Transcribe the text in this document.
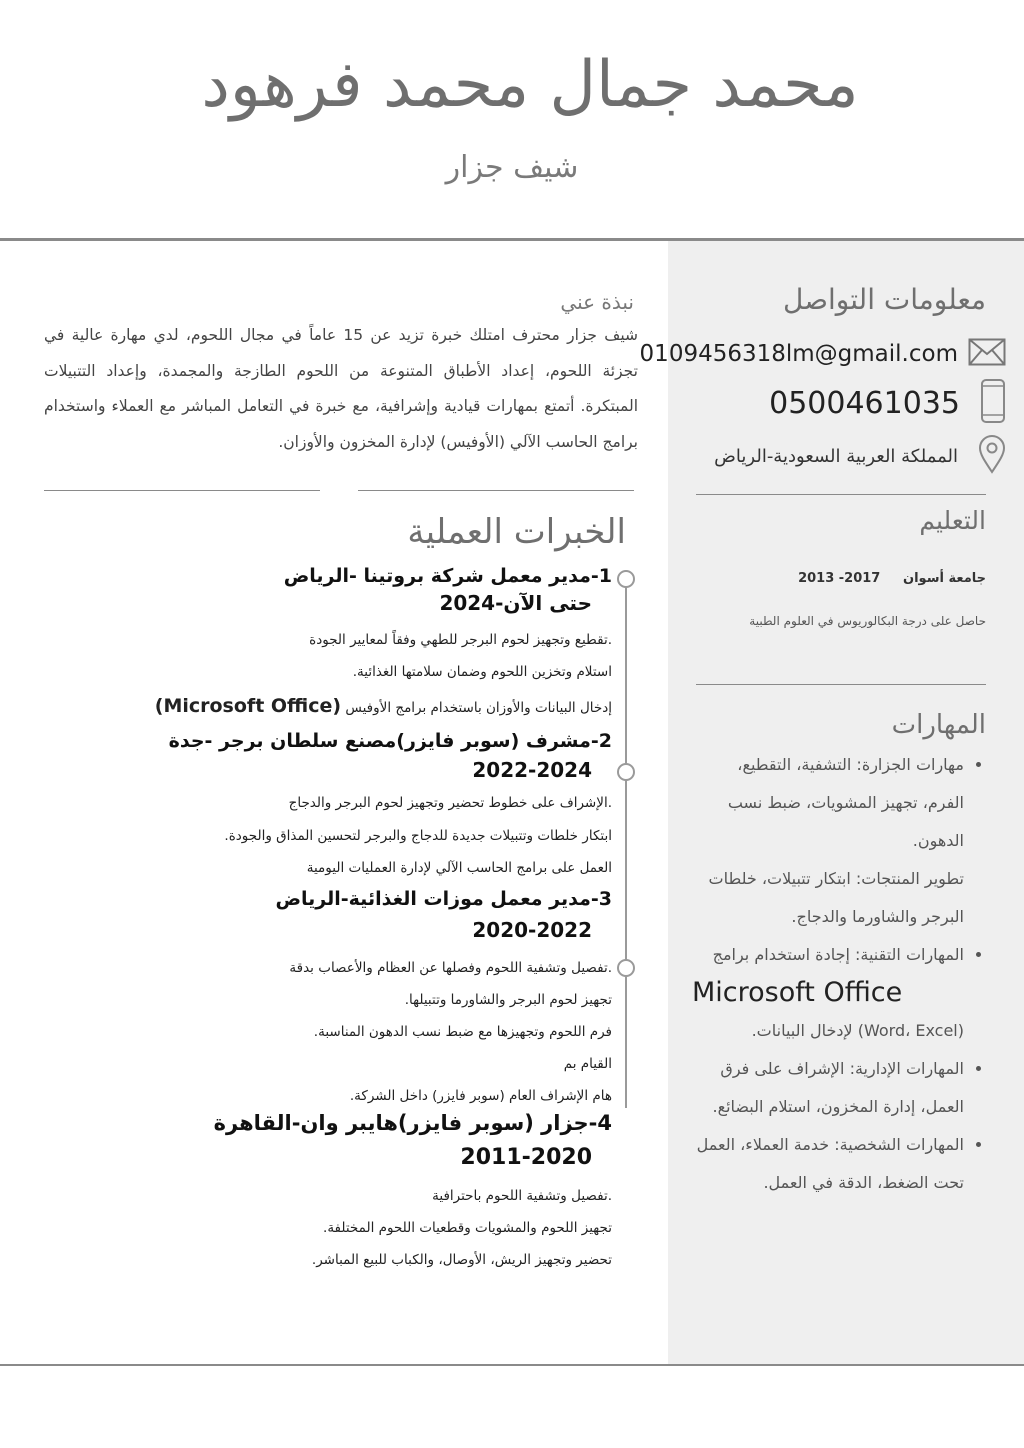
محمد جمال محمد فرهود
شيف جزار
معلومات التواصل
0109456318lm@gmail.com
0500461035
المملكة العربية السعودية-الرياض
التعليم
جامعة أسوان     2013 -2017
حاصل على درجة البكالوريوس في العلوم الطبية
المهارات
• مهارات الجزارة: التشفية، التقطيع، الفرم، تجهيز المشويات، ضبط نسب الدهون.
تطوير المنتجات: ابتكار تتبيلات، خلطات البرجر والشاورما والدجاج.
• المهارات التقنية: إجادة استخدام برامج
Microsoft Office
(Word، Excel) لإدخال البيانات.
• المهارات الإدارية: الإشراف على فرق العمل، إدارة المخزون، استلام البضائع.
• المهارات الشخصية: خدمة العملاء، العمل تحت الضغط، الدقة في العمل.
نبذة عني
شيف جزار محترف امتلك خبرة تزيد عن 15 عاماً في مجال اللحوم، لدي مهارة عالية في تجزئة اللحوم، إعداد الأطباق المتنوعة من اللحوم الطازجة والمجمدة، وإعداد التتبيلات المبتكرة. أتمتع بمهارات قيادية وإشرافية، مع خبرة في التعامل المباشر مع العملاء واستخدام برامج الحاسب الآلي (الأوفيس) لإدارة المخزون والأوزان.
الخبرات العملية
1-مدير معمل شركة بروتينا -الرياض
2024-حتى الآن
.تقطيع وتجهيز لحوم البرجر للطهي وفقاً لمعايير الجودة
استلام وتخزين اللحوم وضمان سلامتها الغذائية.
إدخال البيانات والأوزان باستخدام برامج الأوفيس (Microsoft Office)
2-مشرف (سوبر فايزر)مصنع سلطان برجر -جدة
2022-2024
.الإشراف على خطوط تحضير وتجهيز لحوم البرجر والدجاج
ابتكار خلطات وتتبيلات جديدة للدجاج والبرجر لتحسين المذاق والجودة.
العمل على برامج الحاسب الآلي لإدارة العمليات اليومية
3-مدير معمل موزات الغذائية-الرياض
2020-2022
.تفصيل وتشفية اللحوم وفصلها عن العظام والأعصاب بدقة
تجهيز لحوم البرجر والشاورما وتتبيلها.
فرم اللحوم وتجهيزها مع ضبط نسب الدهون المناسبة.
القيام بم
هام الإشراف العام (سوبر فايزر) داخل الشركة.
4-جزار (سوبر فايزر)هايبر وان-القاهرة
2011-2020
.تفصيل وتشفية اللحوم باحترافية
تجهيز اللحوم والمشويات وقطعيات اللحوم المختلفة.
تحضير وتجهيز الريش، الأوصال، والكباب للبيع المباشر.
